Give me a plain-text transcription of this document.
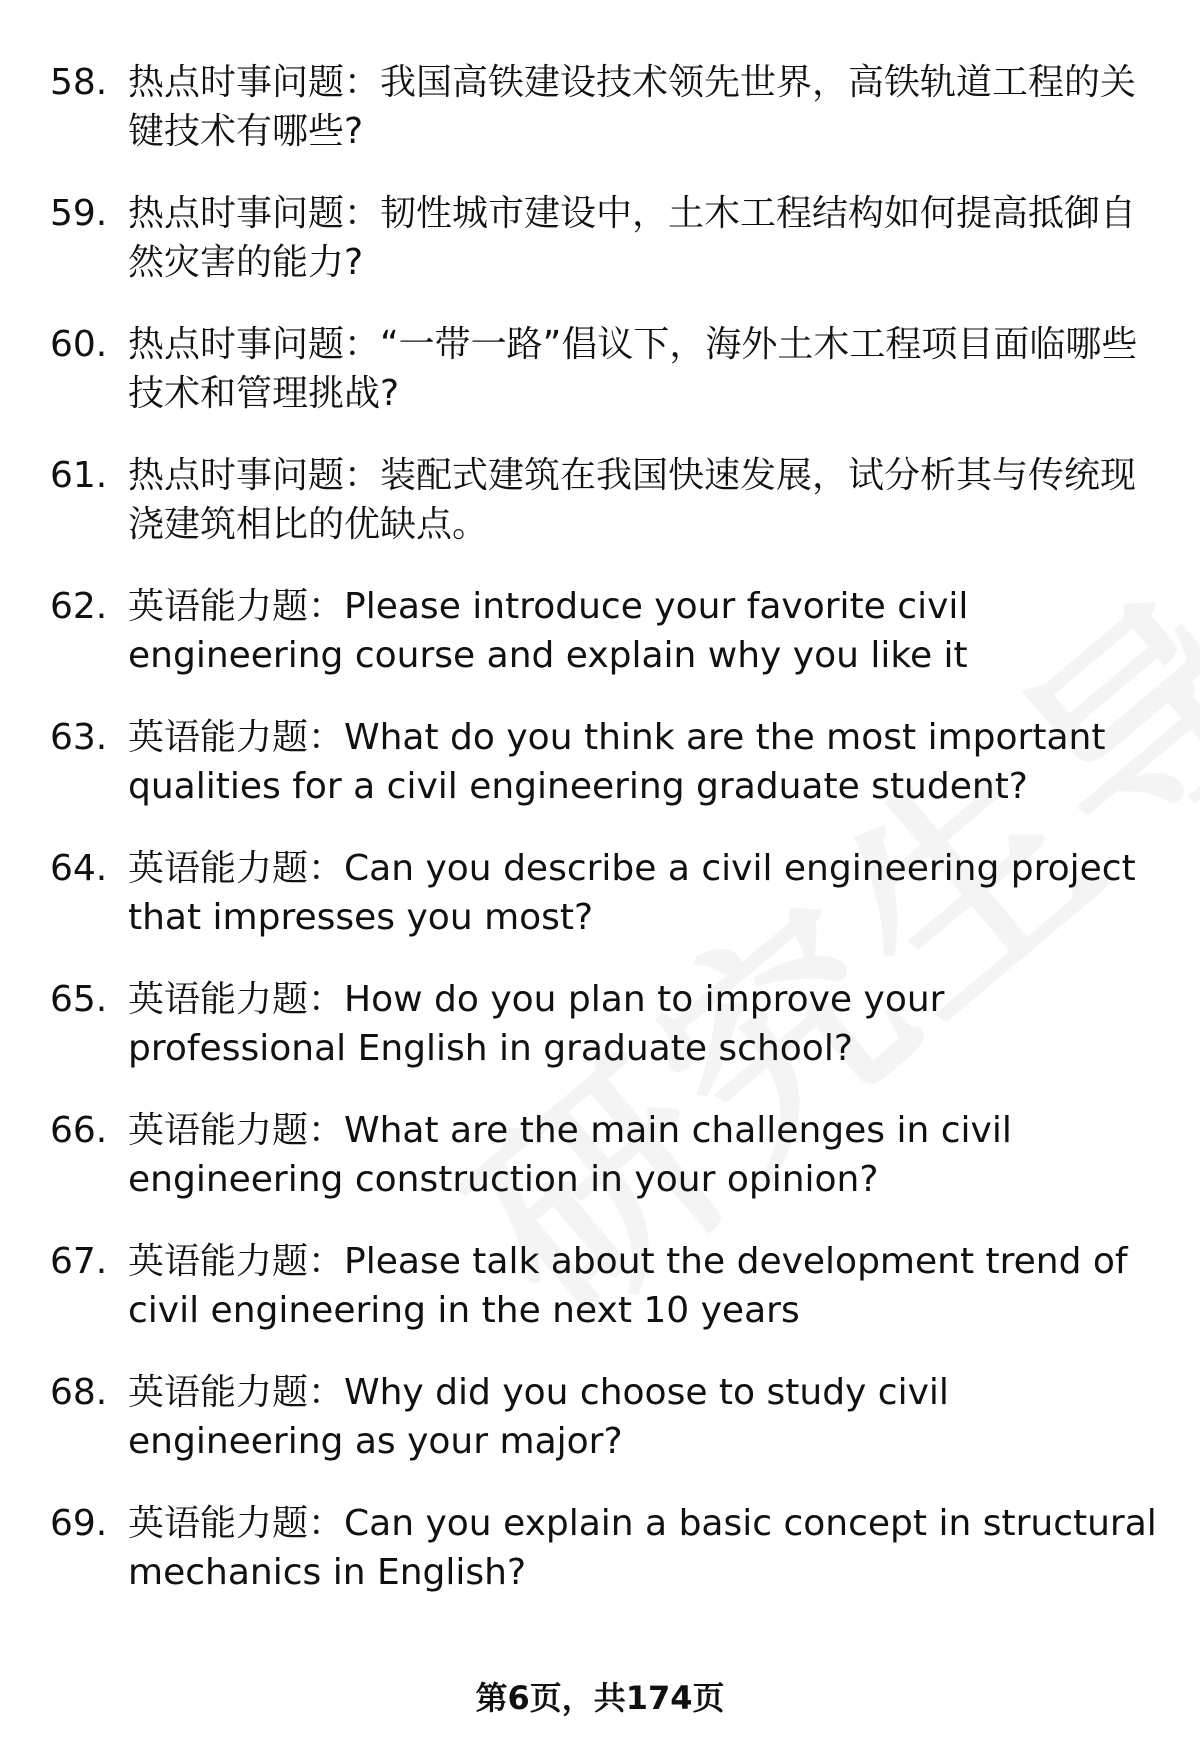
58. 热点时事问题：我国高铁建设技术领先世界，高铁轨道工程的关键技术有哪些?
59. 热点时事问题：韧性城市建设中，土木工程结构如何提高抵御自然灾害的能力?
60. 热点时事问题：“一带一路”倡议下，海外土木工程项目面临哪些技术和管理挑战?
61. 热点时事问题：装配式建筑在我国快速发展，试分析其与传统现浇建筑相比的优缺点。
62. 英语能力题：Please introduce your favorite civil engineering course and explain why you like it
63. 英语能力题：What do you think are the most important qualities for a civil engineering graduate student?
64. 英语能力题：Can you describe a civil engineering project that impresses you most?
65. 英语能力题：How do you plan to improve your professional English in graduate school?
66. 英语能力题：What are the main challenges in civil engineering construction in your opinion?
67. 英语能力题：Please talk about the development trend of civil engineering in the next 10 years
68. 英语能力题：Why did you choose to study civil engineering as your major?
69. 英语能力题：Can you explain a basic concept in structural mechanics in English?
第6页，共174页
